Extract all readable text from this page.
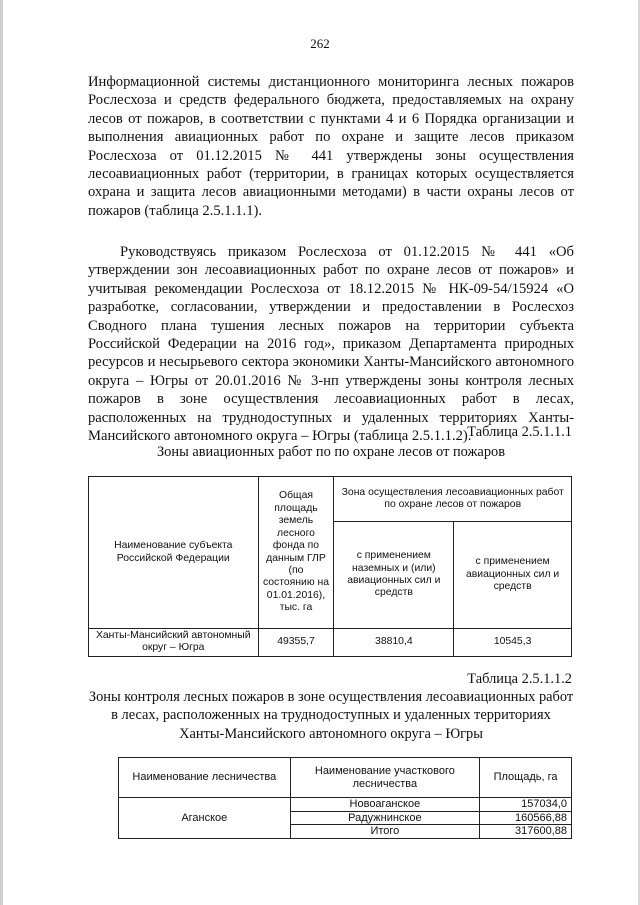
262

Информационной системы дистанционного мониторинга лесных пожаров Рослесхоза и средств федерального бюджета, предоставляемых на охрану лесов от пожаров, в соответствии с пунктами 4 и 6 Порядка организации и выполнения авиационных работ по охране и защите лесов приказом Рослесхоза от 01.12.2015 № 441 утверждены зоны осуществления лесоавиационных работ (территории, в границах которых осуществляется охрана и защита лесов авиационными методами) в части охраны лесов от пожаров (таблица 2.5.1.1.1).

Руководствуясь приказом Рослесхоза от 01.12.2015 № 441 «Об утверждении зон лесоавиационных работ по охране лесов от пожаров» и учитывая рекомендации Рослесхоза от 18.12.2015 № НК-09-54/15924 «О разработке, согласовании, утверждении и предоставлении в Рослесхоз Сводного плана тушения лесных пожаров на территории субъекта Российской Федерации на 2016 год», приказом Департамента природных ресурсов и несырьевого сектора экономики Ханты-Мансийского автономного округа – Югры от 20.01.2016 № 3-нп утверждены зоны контроля лесных пожаров в зоне осуществления лесоавиационных работ в лесах, расположенных на труднодоступных и удаленных территориях Ханты-Мансийского автономного округа – Югры (таблица 2.5.1.1.2).

Таблица 2.5.1.1.1
Зоны авиационных работ по по охране лесов от пожаров
Наименование субъекта Российской Федерации	Общая площадь земель лесного фонда по данным ГЛР (по состоянию на 01.01.2016), тыс. га	Зона осуществления лесоавиационных работ по охране лесов от пожаров	
		с применением наземных и (или) авиационных сил и средств	с применением авиационных сил и средств
Ханты-Мансийский автономный округ – Югра	49355,7	38810,4	10545,3
Таблица 2.5.1.1.2
Зоны контроля лесных пожаров в зоне осуществления лесоавиационных работ в лесах, расположенных на труднодоступных и удаленных территориях Ханты-Мансийского автономного округа – Югры
Наименование лесничества	Наименование участкового лесничества	Площадь, га
Аганское	Новоаганское	157034,0
	Радужнинское	160566,88
	Итого	317600,88
